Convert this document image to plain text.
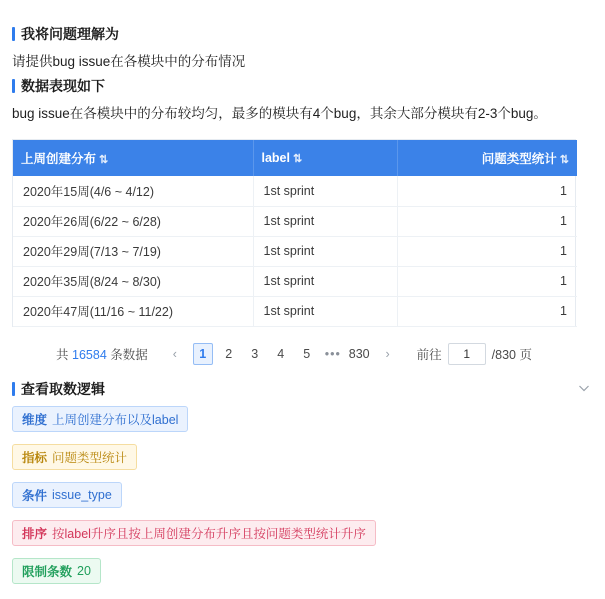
我将问题理解为
请提供bug issue在各模块中的分布情况
数据表现如下
bug issue在各模块中的分布较均匀，最多的模块有4个bug，其余大部分模块有2-3个bug。
上周创建分布 ⇅	label ⇅	问题类型统计 ⇅
2020年15周(4/6 ~ 4/12)	1st sprint	1
2020年26周(6/22 ~ 6/28)	1st sprint	1
2020年29周(7/13 ~ 7/19)	1st sprint	1
2020年35周(8/24 ~ 8/30)	1st sprint	1
2020年47周(11/16 ~ 11/22)	1st sprint	1
共 16584 条数据	‹	1	2	3	4	5	••• 830	›	前往
1	/830 页
查看取数逻辑
维度 上周创建分布以及label
指标 问题类型统计
条件 issue_type
排序 按label升序且按上周创建分布升序且按问题类型统计升序
限制条数 20
